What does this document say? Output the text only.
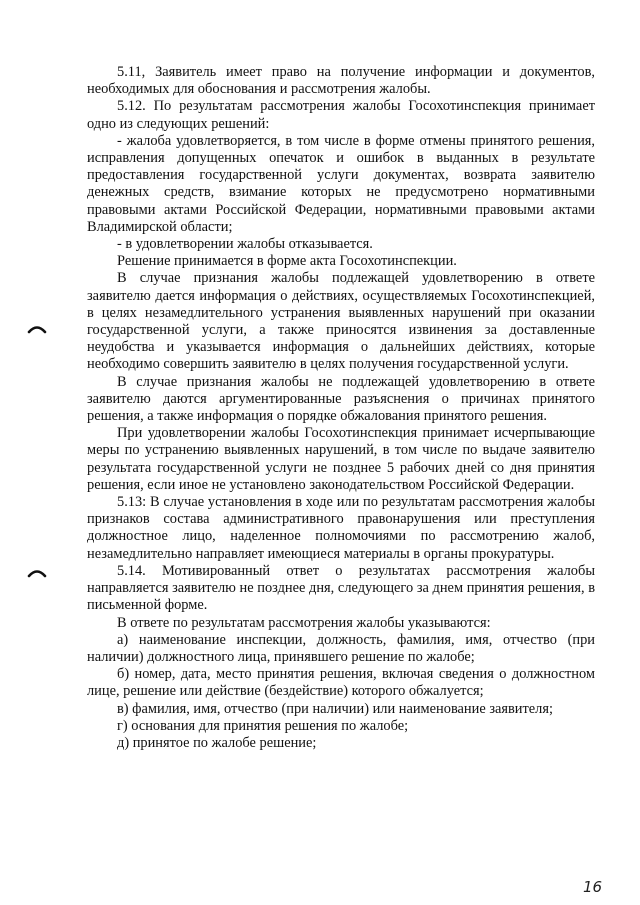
5.11, Заявитель имеет право на получение информации и документов, необходимых для обоснования и рассмотрения жалобы.

5.12. По результатам рассмотрения жалобы Госохотинспекция принимает одно из следующих решений:

- жалоба удовлетворяется, в том числе в форме отмены принятого решения, исправления допущенных опечаток и ошибок в выданных в результате предоставления государственной услуги документах, возврата заявителю денежных средств, взимание которых не предусмотрено нормативными правовыми актами Российской Федерации, нормативными правовыми актами Владимирской области;

- в удовлетворении жалобы отказывается.

Решение принимается в форме акта Госохотинспекции.

В случае признания жалобы подлежащей удовлетворению в ответе заявителю дается информация о действиях, осуществляемых Госохотинспекцией, в целях незамедлительного устранения выявленных нарушений при оказании государственной услуги, а также приносятся извинения за доставленные неудобства и указывается информация о дальнейших действиях, которые необходимо совершить заявителю в целях получения государственной услуги.

В случае признания жалобы не подлежащей удовлетворению в ответе заявителю даются аргументированные разъяснения о причинах принятого решения, а также информация о порядке обжалования принятого решения.

При удовлетворении жалобы Госохотинспекция принимает исчерпывающие меры по устранению выявленных нарушений, в том числе по выдаче заявителю результата государственной услуги не позднее 5 рабочих дней со дня принятия решения, если иное не установлено законодательством Российской Федерации.

5.13: В случае установления в ходе или по результатам рассмотрения жалобы признаков состава административного правонарушения или преступления должностное лицо, наделенное полномочиями по рассмотрению жалоб, незамедлительно направляет имеющиеся материалы в органы прокуратуры.

5.14. Мотивированный ответ о результатах рассмотрения жалобы направляется заявителю не позднее дня, следующего за днем принятия решения, в письменной форме.

В ответе по результатам рассмотрения жалобы указываются:

а) наименование инспекции, должность, фамилия, имя, отчество (при наличии) должностного лица, принявшего решение по жалобе;

б) номер, дата, место принятия решения, включая сведения о должностном лице, решение или действие (бездействие) которого обжалуется;

в) фамилия, имя, отчество (при наличии) или наименование заявителя;

г) основания для принятия решения по жалобе;

д) принятое по жалобе решение;

16
